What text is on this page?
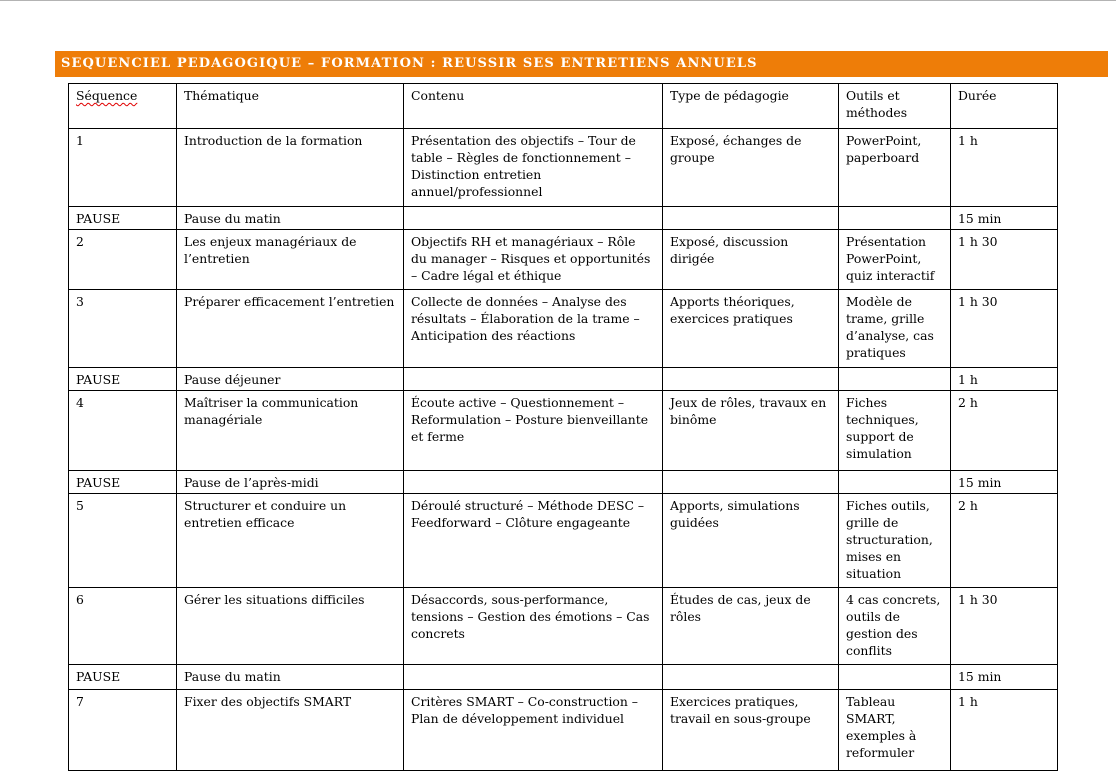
SEQUENCIEL PEDAGOGIQUE – FORMATION : REUSSIR SES ENTRETIENS ANNUELS
Séquence	Thématique	Contenu	Type de pédagogie	Outils et méthodes	Durée
1	Introduction de la formation	Présentation des objectifs – Tour de table – Règles de fonctionnement – Distinction entretien annuel/professionnel	Exposé, échanges de groupe	PowerPoint, paperboard	1 h
PAUSE	Pause du matin				15 min
2	Les enjeux managériaux de l’entretien	Objectifs RH et managériaux – Rôle du manager – Risques et opportunités – Cadre légal et éthique	Exposé, discussion dirigée	Présentation PowerPoint, quiz interactif	1 h 30
3	Préparer efficacement l’entretien	Collecte de données – Analyse des résultats – Élaboration de la trame – Anticipation des réactions	Apports théoriques, exercices pratiques	Modèle de trame, grille d’analyse, cas pratiques	1 h 30
PAUSE	Pause déjeuner				1 h
4	Maîtriser la communication managériale	Écoute active – Questionnement – Reformulation – Posture bienveillante et ferme	Jeux de rôles, travaux en binôme	Fiches techniques, support de simulation	2 h
PAUSE	Pause de l’après-midi				15 min
5	Structurer et conduire un entretien efficace	Déroulé structuré – Méthode DESC – Feedforward – Clôture engageante	Apports, simulations guidées	Fiches outils, grille de structuration, mises en situation	2 h
6	Gérer les situations difficiles	Désaccords, sous-performance, tensions – Gestion des émotions – Cas concrets	Études de cas, jeux de rôles	4 cas concrets, outils de gestion des conflits	1 h 30
PAUSE	Pause du matin				15 min
7	Fixer des objectifs SMART	Critères SMART – Co-construction – Plan de développement individuel	Exercices pratiques, travail en sous-groupe	Tableau SMART, exemples à reformuler	1 h
